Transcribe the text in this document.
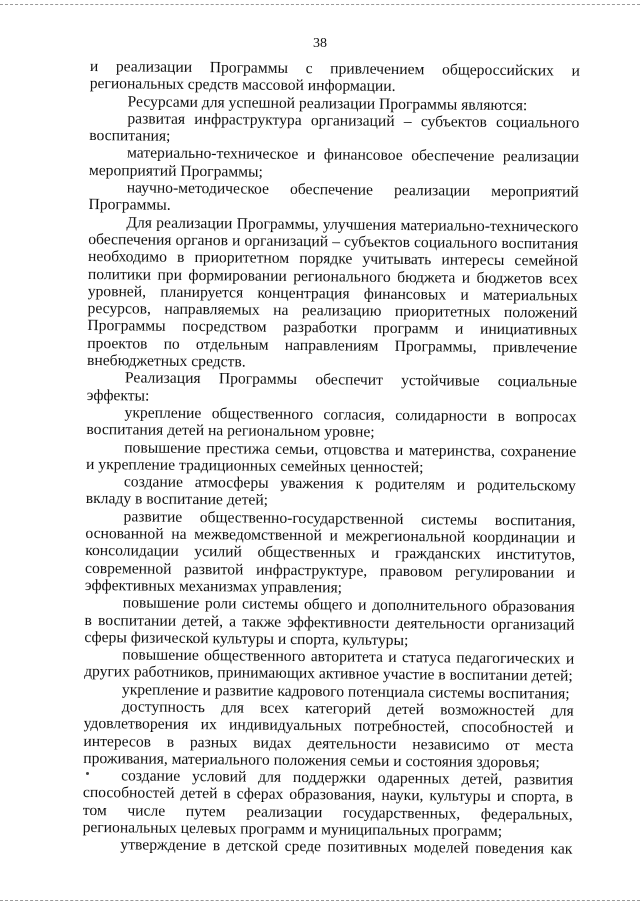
38

и реализации Программы с привлечением общероссийских и региональных средств массовой информации.

Ресурсами для успешной реализации Программы являются:

развитая инфраструктура организаций – субъектов социального воспитания;

материально-техническое и финансовое обеспечение реализации мероприятий Программы;

научно-методическое обеспечение реализации мероприятий Программы.

Для реализации Программы, улучшения материально-технического обеспечения органов и организаций – субъектов социального воспитания необходимо в приоритетном порядке учитывать интересы семейной политики при формировании регионального бюджета и бюджетов всех уровней, планируется концентрация финансовых и материальных ресурсов, направляемых на реализацию приоритетных положений Программы посредством разработки программ и инициативных проектов по отдельным направлениям Программы, привлечение внебюджетных средств.

Реализация Программы обеспечит устойчивые социальные эффекты:

укрепление общественного согласия, солидарности в вопросах воспитания детей на региональном уровне;

повышение престижа семьи, отцовства и материнства, сохранение и укрепление традиционных семейных ценностей;

создание атмосферы уважения к родителям и родительскому вкладу в воспитание детей;

развитие общественно-государственной системы воспитания, основанной на межведомственной и межрегиональной координации и консолидации усилий общественных и гражданских институтов, современной развитой инфраструктуре, правовом регулировании и эффективных механизмах управления;

повышение роли системы общего и дополнительного образования в воспитании детей, а также эффективности деятельности организаций сферы физической культуры и спорта, культуры;

повышение общественного авторитета и статуса педагогических и других работников, принимающих активное участие в воспитании детей;

укрепление и развитие кадрового потенциала системы воспитания;

доступность для всех категорий детей возможностей для удовлетворения их индивидуальных потребностей, способностей и интересов в разных видах деятельности независимо от места проживания, материального положения семьи и состояния здоровья;

создание условий для поддержки одаренных детей, развития способностей детей в сферах образования, науки, культуры и спорта, в том числе путем реализации государственных, федеральных, региональных целевых программ и муниципальных программ;

утверждение в детской среде позитивных моделей поведения как
